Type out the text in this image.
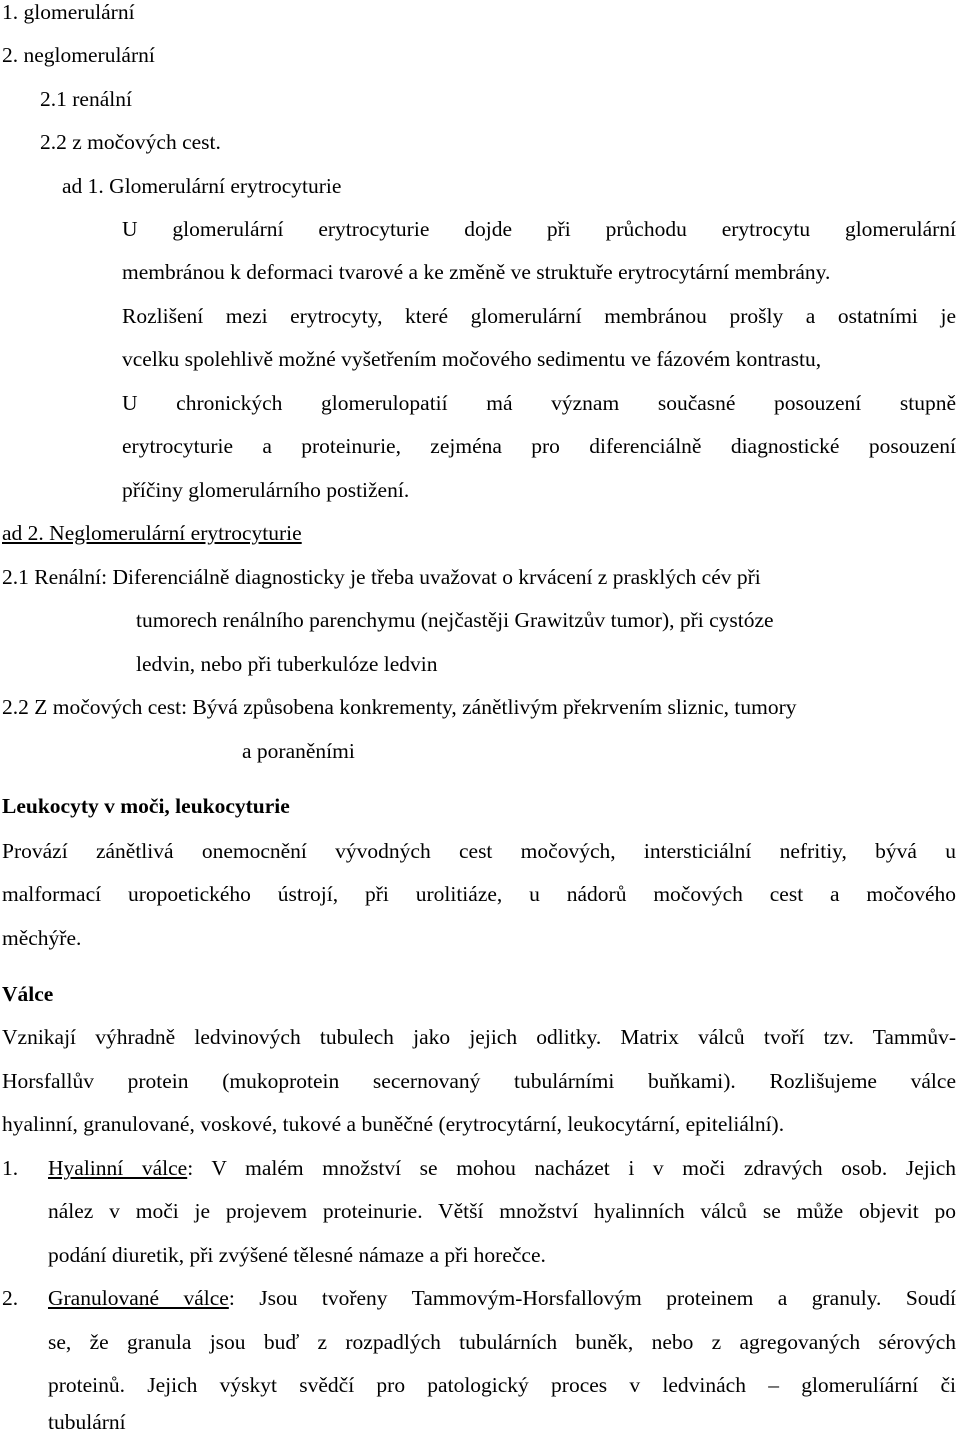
1. glomerulární
2. neglomerulární
2.1 renální
2.2 z močových cest.
ad 1. Glomerulární erytrocyturie
U glomerulární erytrocyturie dojde při průchodu erytrocytu glomerulární
membránou k deformaci tvarové a ke změně ve struktuře erytrocytární membrány.
Rozlišení mezi erytrocyty, které glomerulární membránou prošly a ostatními je
vcelku spolehlivě možné vyšetřením močového sedimentu ve fázovém kontrastu,
U chronických glomerulopatií má význam současné posouzení stupně
erytrocyturie a proteinurie, zejména pro diferenciálně diagnostické posouzení
příčiny glomerulárního postižení.
ad 2. Neglomerulární erytrocyturie
2.1 Renální: Diferenciálně diagnosticky je třeba uvažovat o krvácení z prasklých cév při
tumorech renálního parenchymu (nejčastěji Grawitzův tumor), při cystóze
ledvin, nebo při tuberkulóze ledvin
2.2 Z močových cest: Bývá způsobena konkrementy, zánětlivým překrvením sliznic, tumory
a poraněními
Leukocyty v moči, leukocyturie
Provází zánětlivá onemocnění vývodných cest močových, intersticiální nefritiy, bývá u
malformací uropoetického ústrojí, při urolitiáze, u nádorů močových cest a močového
měchýře.
Válce
Vznikají výhradně ledvinových tubulech jako jejich odlitky. Matrix válců tvoří tzv. Tammův-
Horsfallův protein (mukoprotein secernovaný tubulárními buňkami). Rozlišujeme válce
hyalinní, granulované, voskové, tukové a buněčné (erytrocytární, leukocytární, epiteliální).
1. Hyalinní válce: V malém množství se mohou nacházet i v moči zdravých osob. Jejich
nález v moči je projevem proteinurie. Větší množství hyalinních válců se může objevit po
podání diuretik, při zvýšené tělesné námaze a při horečce.
2. Granulované válce: Jsou tvořeny Tammovým-Horsfallovým proteinem a granuly. Soudí
se, že granula jsou buď z rozpadlých tubulárních buněk, nebo z agregovaných sérových
proteinů. Jejich výskyt svědčí pro patologický proces v ledvinách – glomerulíární či
tubulární
